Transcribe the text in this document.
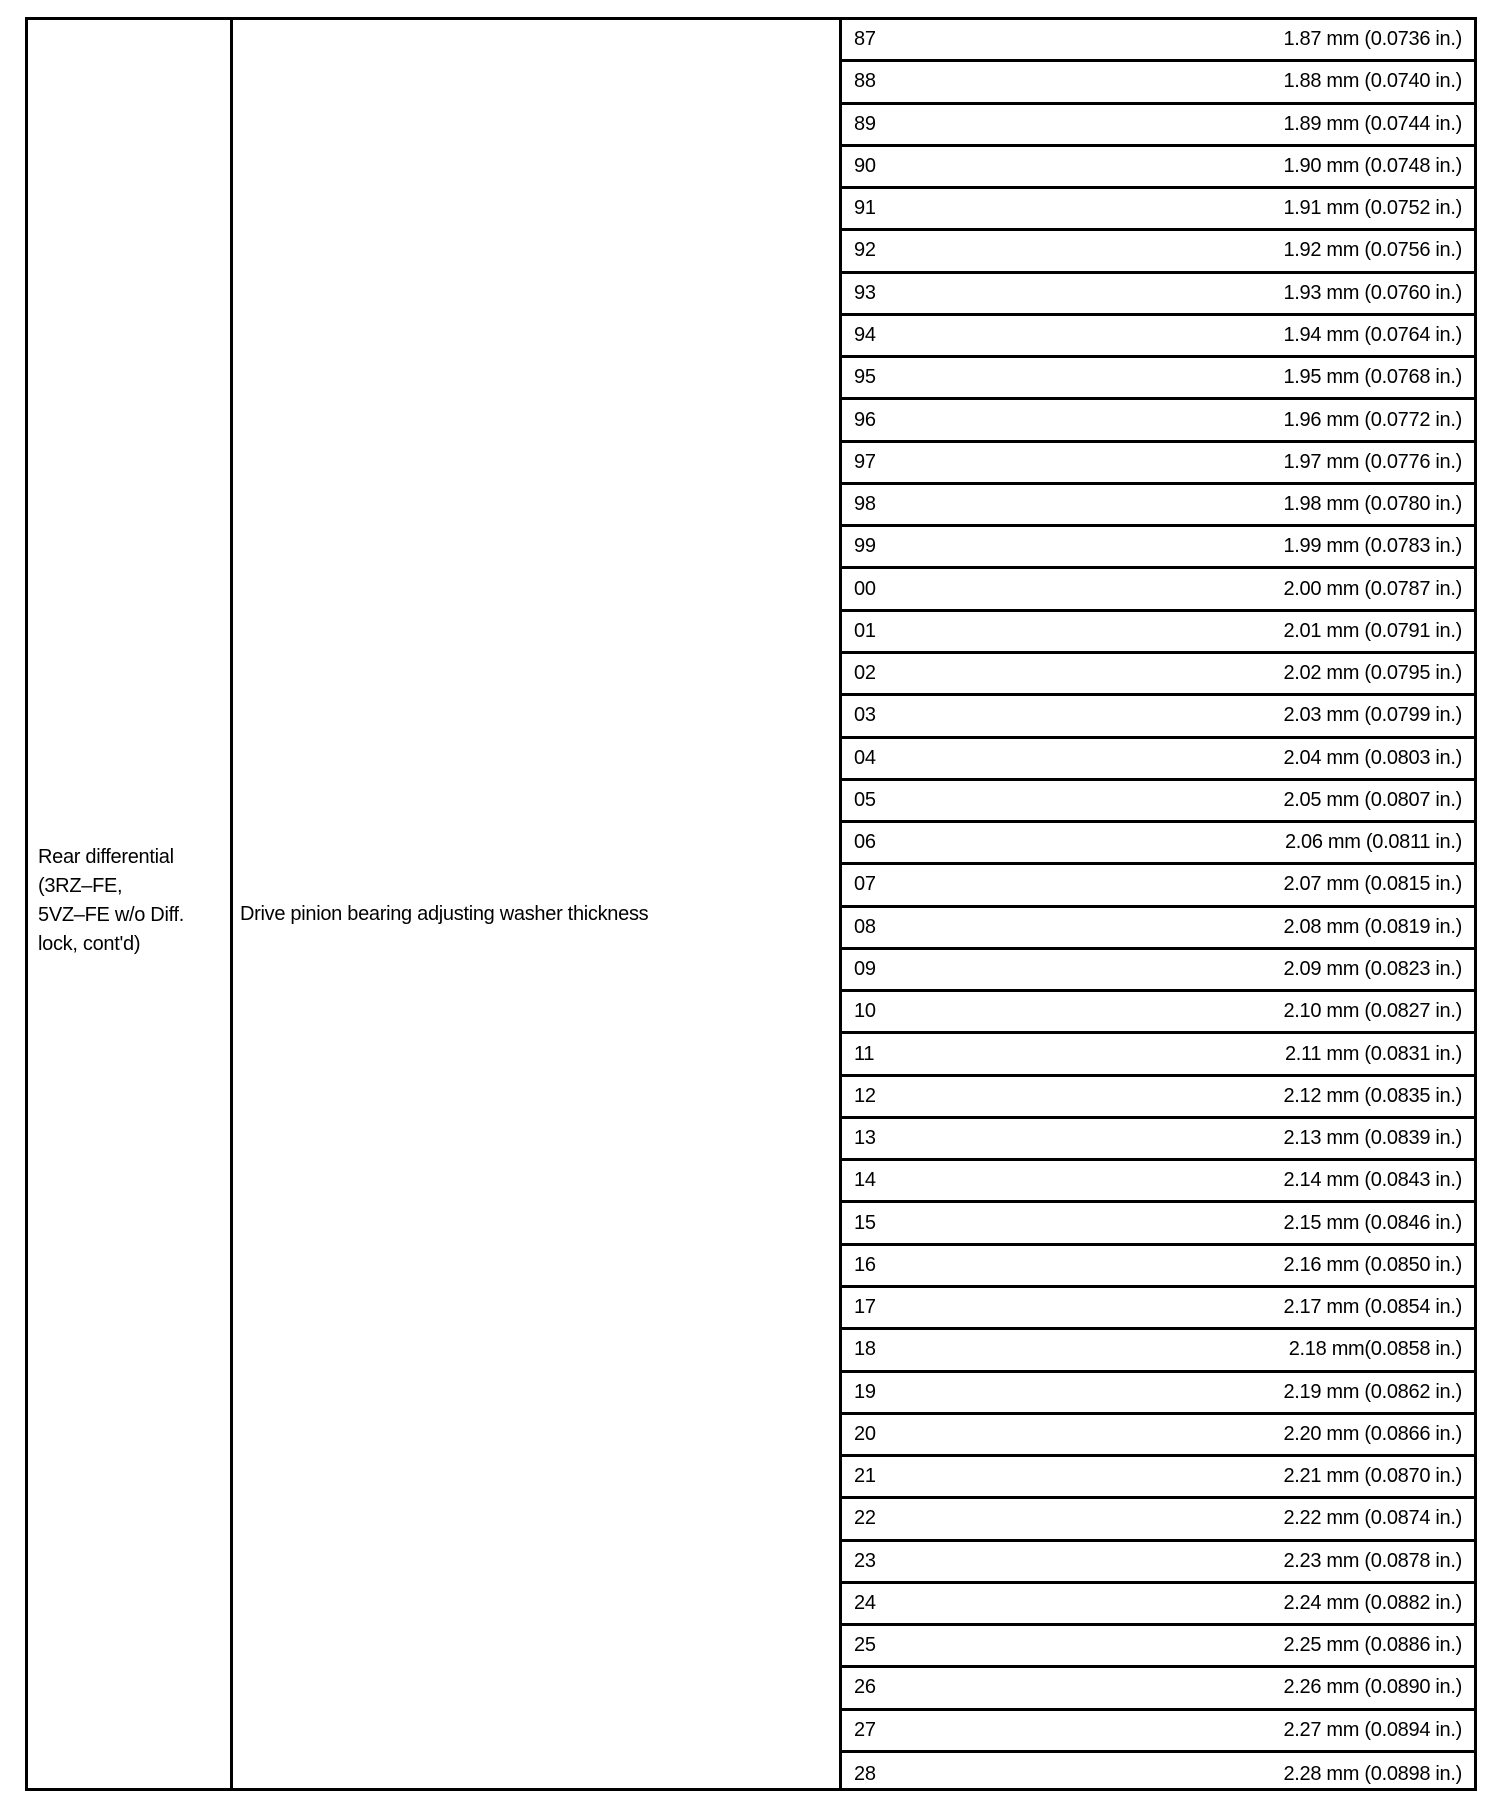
Rear differential
(3RZ–FE,
5VZ–FE w/o Diff.
lock, cont'd)
Drive pinion bearing adjusting washer thickness
87	1.87 mm (0.0736 in.)
88	1.88 mm (0.0740 in.)
89	1.89 mm (0.0744 in.)
90	1.90 mm (0.0748 in.)
91	1.91 mm (0.0752 in.)
92	1.92 mm (0.0756 in.)
93	1.93 mm (0.0760 in.)
94	1.94 mm (0.0764 in.)
95	1.95 mm (0.0768 in.)
96	1.96 mm (0.0772 in.)
97	1.97 mm (0.0776 in.)
98	1.98 mm (0.0780 in.)
99	1.99 mm (0.0783 in.)
00	2.00 mm (0.0787 in.)
01	2.01 mm (0.0791 in.)
02	2.02 mm (0.0795 in.)
03	2.03 mm (0.0799 in.)
04	2.04 mm (0.0803 in.)
05	2.05 mm (0.0807 in.)
06	2.06 mm (0.0811 in.)
07	2.07 mm (0.0815 in.)
08	2.08 mm (0.0819 in.)
09	2.09 mm (0.0823 in.)
10	2.10 mm (0.0827 in.)
11	2.11 mm (0.0831 in.)
12	2.12 mm (0.0835 in.)
13	2.13 mm (0.0839 in.)
14	2.14 mm (0.0843 in.)
15	2.15 mm (0.0846 in.)
16	2.16 mm (0.0850 in.)
17	2.17 mm (0.0854 in.)
18	2.18 mm(0.0858 in.)
19	2.19 mm (0.0862 in.)
20	2.20 mm (0.0866 in.)
21	2.21 mm (0.0870 in.)
22	2.22 mm (0.0874 in.)
23	2.23 mm (0.0878 in.)
24	2.24 mm (0.0882 in.)
25	2.25 mm (0.0886 in.)
26	2.26 mm (0.0890 in.)
27	2.27 mm (0.0894 in.)
28	2.28 mm (0.0898 in.)
